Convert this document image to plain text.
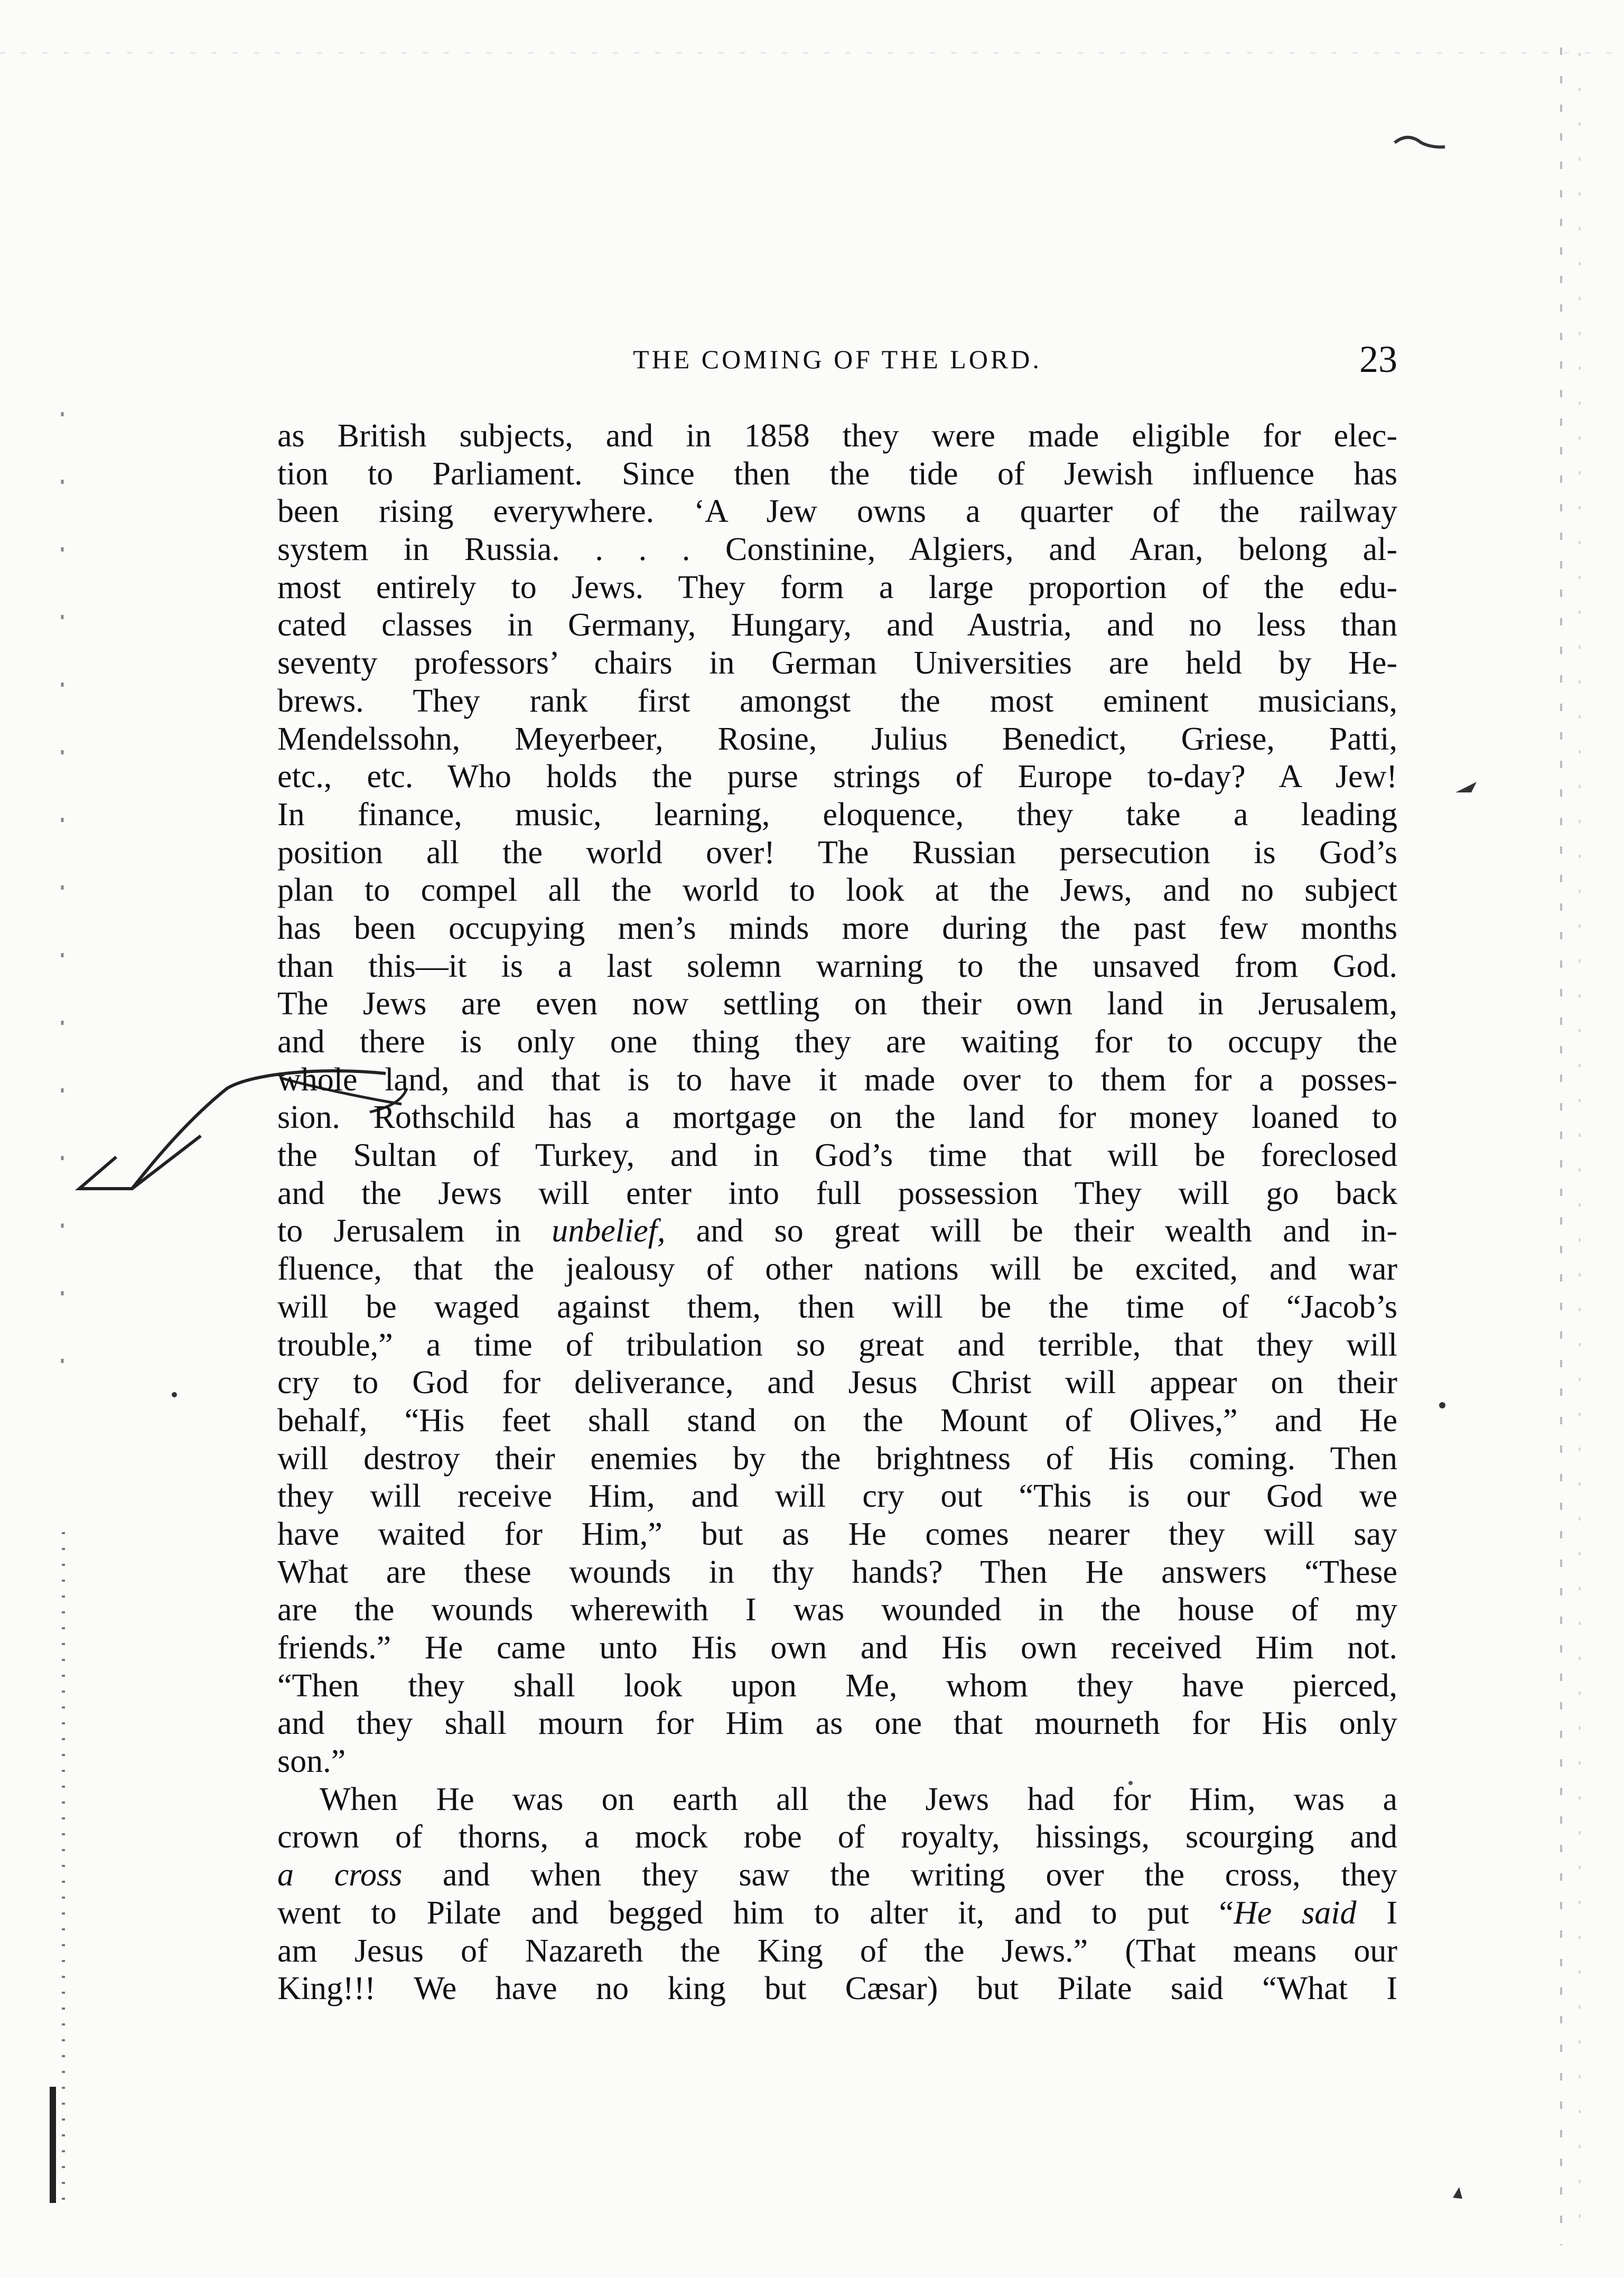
THE COMING OF THE LORD.	23
as British subjects, and in 1858 they were made eligible for elec-
tion to Parliament. Since then the tide of Jewish influence has
been rising everywhere. ‘A Jew owns a quarter of the railway
system in Russia. . . . Constinine, Algiers, and Aran, belong al-
most entirely to Jews. They form a large proportion of the edu-
cated classes in Germany, Hungary, and Austria, and no less than
seventy professors’ chairs in German Universities are held by He-
brews. They rank first amongst the most eminent musicians,
Mendelssohn, Meyerbeer, Rosine, Julius Benedict, Griese, Patti,
etc., etc. Who holds the purse strings of Europe to-day? A Jew!
In finance, music, learning, eloquence, they take a leading
position all the world over! The Russian persecution is God’s
plan to compel all the world to look at the Jews, and no subject
has been occupying men’s minds more during the past few months
than this—it is a last solemn warning to the unsaved from God.
The Jews are even now settling on their own land in Jerusalem,
and there is only one thing they are waiting for to occupy the
whole land, and that is to have it made over to them for a posses-
sion. Rothschild has a mortgage on the land for money loaned to
the Sultan of Turkey, and in God’s time that will be foreclosed
and the Jews will enter into full possession They will go back
to Jerusalem in unbelief, and so great will be their wealth and in-
fluence, that the jealousy of other nations will be excited, and war
will be waged against them, then will be the time of “Jacob’s
trouble,” a time of tribulation so great and terrible, that they will
cry to God for deliverance, and Jesus Christ will appear on their
behalf, “His feet shall stand on the Mount of Olives,” and He
will destroy their enemies by the brightness of His coming. Then
they will receive Him, and will cry out “This is our God we
have waited for Him,” but as He comes nearer they will say
What are these wounds in thy hands? Then He answers “These
are the wounds wherewith I was wounded in the house of my
friends.” He came unto His own and His own received Him not.
“Then they shall look upon Me, whom they have pierced,
and they shall mourn for Him as one that mourneth for His only
son.”
When He was on earth all the Jews had for Him, was a
crown of thorns, a mock robe of royalty, hissings, scourging and
a cross and when they saw the writing over the cross, they
went to Pilate and begged him to alter it, and to put “He said I
am Jesus of Nazareth the King of the Jews.” (That means our
King!!! We have no king but Cæsar) but Pilate said “What I
